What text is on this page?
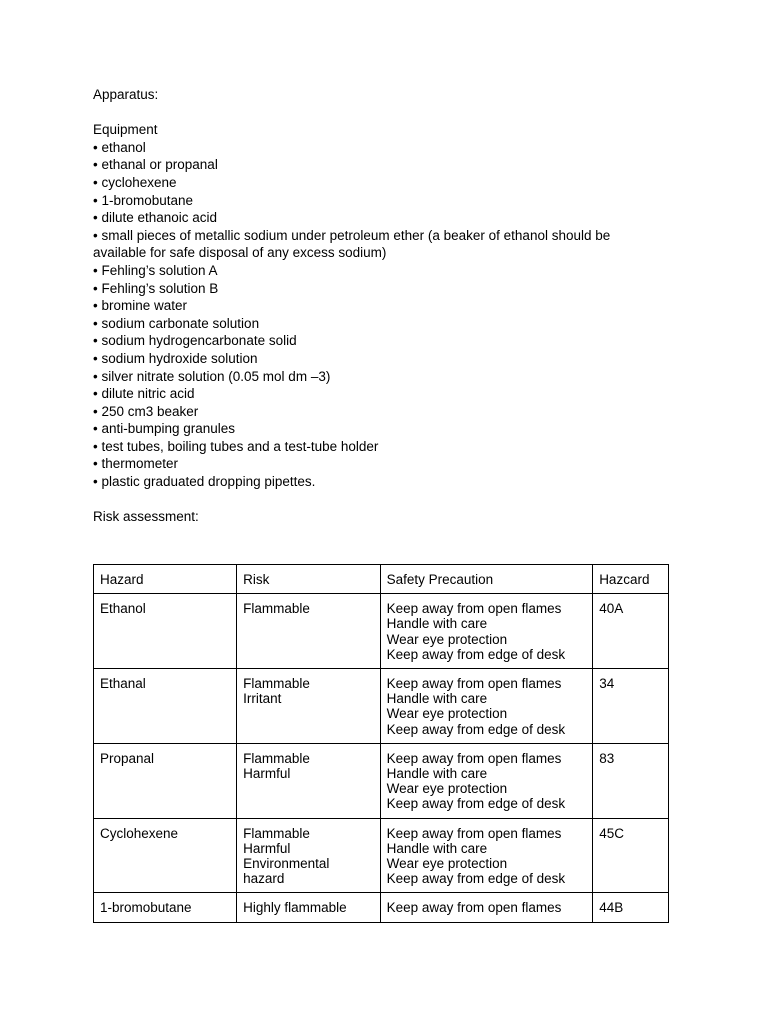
Apparatus:
Equipment
• ethanol
• ethanal or propanal
• cyclohexene
• 1-bromobutane
• dilute ethanoic acid
• small pieces of metallic sodium under petroleum ether (a beaker of ethanol should be available for safe disposal of any excess sodium)
• Fehling’s solution A
• Fehling’s solution B
• bromine water
• sodium carbonate solution
• sodium hydrogencarbonate solid
• sodium hydroxide solution
• silver nitrate solution (0.05 mol dm –3)
• dilute nitric acid
• 250 cm3 beaker
• anti-bumping granules
• test tubes, boiling tubes and a test-tube holder
• thermometer
• plastic graduated dropping pipettes.
Risk assessment:
Hazard	Risk	Safety Precaution	Hazcard
Ethanol	Flammable	Keep away from open flames
Handle with care
Wear eye protection
Keep away from edge of desk	40A
Ethanal	Flammable
Irritant	Keep away from open flames
Handle with care
Wear eye protection
Keep away from edge of desk	34
Propanal	Flammable
Harmful	Keep away from open flames
Handle with care
Wear eye protection
Keep away from edge of desk	83
Cyclohexene	Flammable
Harmful
Environmental
hazard	Keep away from open flames
Handle with care
Wear eye protection
Keep away from edge of desk	45C
1-bromobutane	Highly flammable	Keep away from open flames	44B
